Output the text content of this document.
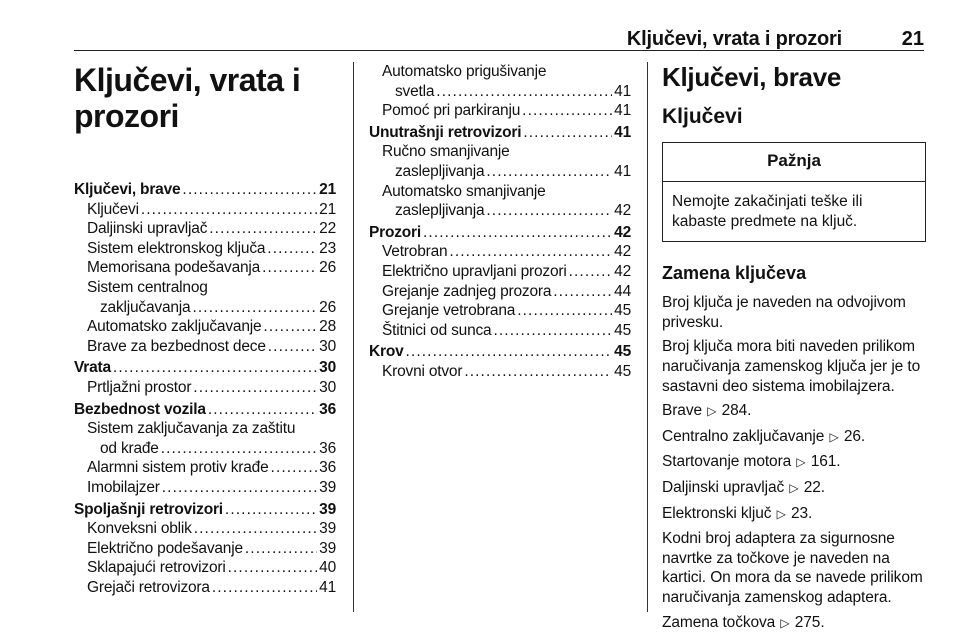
Ključevi, vrata i prozori	21
Ključevi, vrata i
prozori
Ključevi, brave . . .	21
Ključevi . . .	21
Daljinski upravljač . . .	22
Sistem elektronskog ključa . . .	23
Memorisana podešavanja . . .	26
Sistem centralnog
zaključavanja . . .	26
Automatsko zaključavanje . . .	28
Brave za bezbednost dece . . .	30
Vrata . . .	30
Prtljažni prostor . . .	30
Bezbednost vozila . . .	36
Sistem zaključavanja za zaštitu
od krađe . . .	36
Alarmni sistem protiv krađe . . .	36
Imobilajzer . . .	39
Spoljašnji retrovizori . . .	39
Konveksni oblik . . .	39
Električno podešavanje . . .	39
Sklapajući retrovizori . . .	40
Grejači retrovizora . . .	41
Automatsko prigušivanje
svetla . . .	41
Pomoć pri parkiranju . . .	41
Unutrašnji retrovizori . . .	41
Ručno smanjivanje
zaslepljivanja . . .	41
Automatsko smanjivanje
zaslepljivanja . . .	42
Prozori . . .	42
Vetrobran . . .	42
Električno upravljani prozori . . .	42
Grejanje zadnjeg prozora . . .	44
Grejanje vetrobrana . . .	45
Štitnici od sunca . . .	45
Krov . . .	45
Krovni otvor . . .	45
Ključevi, brave
Ključevi
Pažnja
Nemojte zakačinjati teške ili kabaste predmete na ključ.
Zamena ključeva

Broj ključa je naveden na odvojivom privesku.

Broj ključa mora biti naveden prilikom naručivanja zamenskog ključa jer je to sastavni deo sistema imobilajzera.

Brave ▷ 284.

Centralno zaključavanje ▷ 26.

Startovanje motora ▷ 161.

Daljinski upravljač ▷ 22.

Elektronski ključ ▷ 23.

Kodni broj adaptera za sigurnosne navrtke za točkove je naveden na kartici. On mora da se navede prilikom naručivanja zamenskog adaptera.

Zamena točkova ▷ 275.
